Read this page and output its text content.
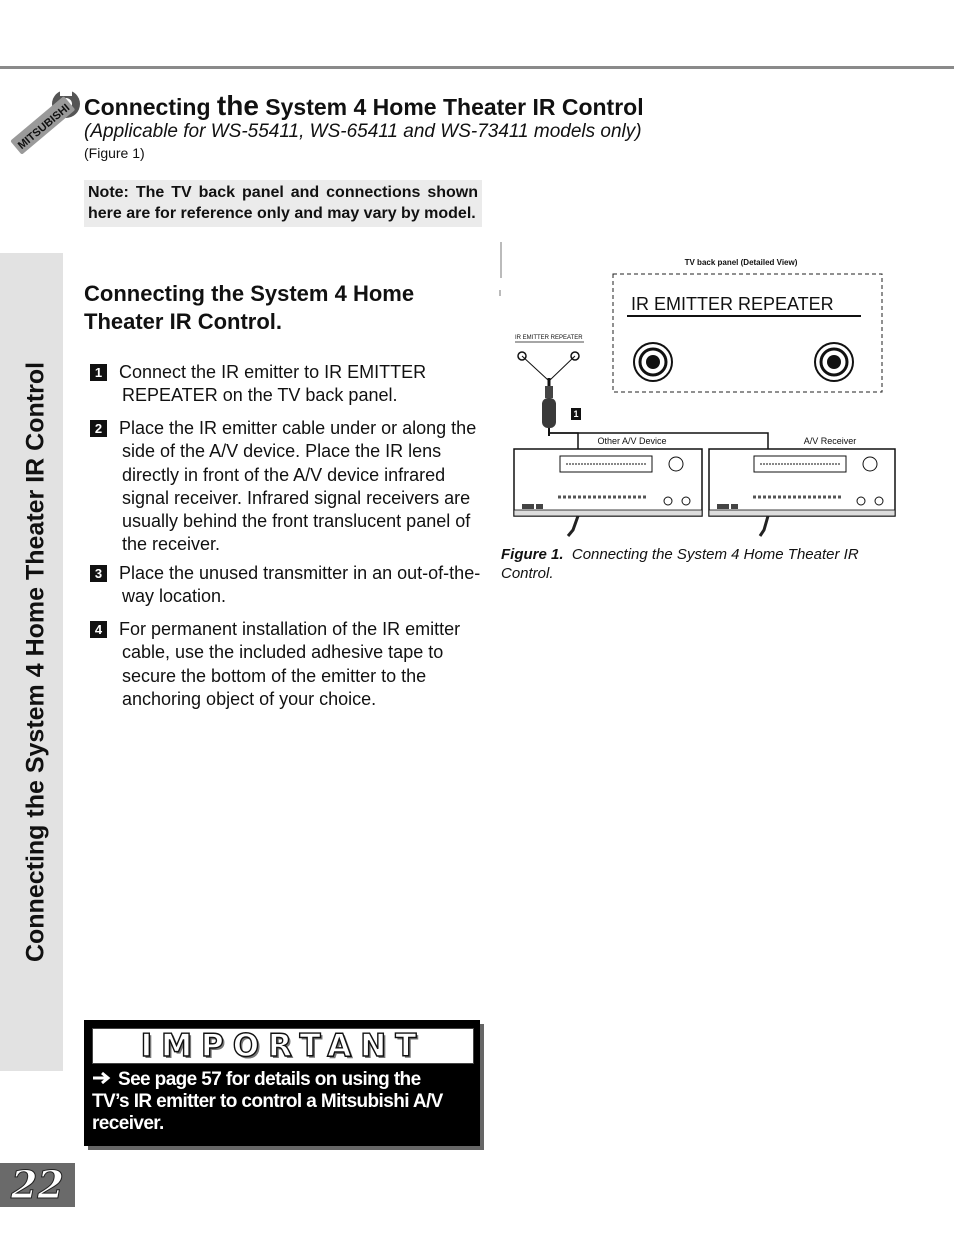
MITSUBISHI Connecting the System 4 Home Theater IR Control
(Applicable for WS-55411, WS-65411 and WS-73411 models only)
(Figure 1)
Note: The TV back panel and connections shown here are for reference only and may vary by model.
Connecting the System 4 Home Theater IR Control
Connecting the System 4 Home Theater IR Control.
1 Connect the IR emitter to IR EMITTER REPEATER on the TV back panel.
2 Place the IR emitter cable under or along the side of the A/V device. Place the IR lens directly in front of the A/V device infrared signal receiver. Infrared signal receivers are usually behind the front translucent panel of the receiver.
3 Place the unused transmitter in an out-of-the-way location.
4 For permanent installation of the IR emitter cable, use the included adhesive tape to secure the bottom of the emitter to the anchoring object of your choice.
TV back panel (Detailed View)
IR EMITTER REPEATER
IR EMITTER REPEATER
1
Other A/V Device	A/V Receiver
Figure 1. Connecting the System 4 Home Theater IR Control.
IMPORTANT
See page 57 for details on using the TV’s IR emitter to control a Mitsubishi A/V receiver.
22
